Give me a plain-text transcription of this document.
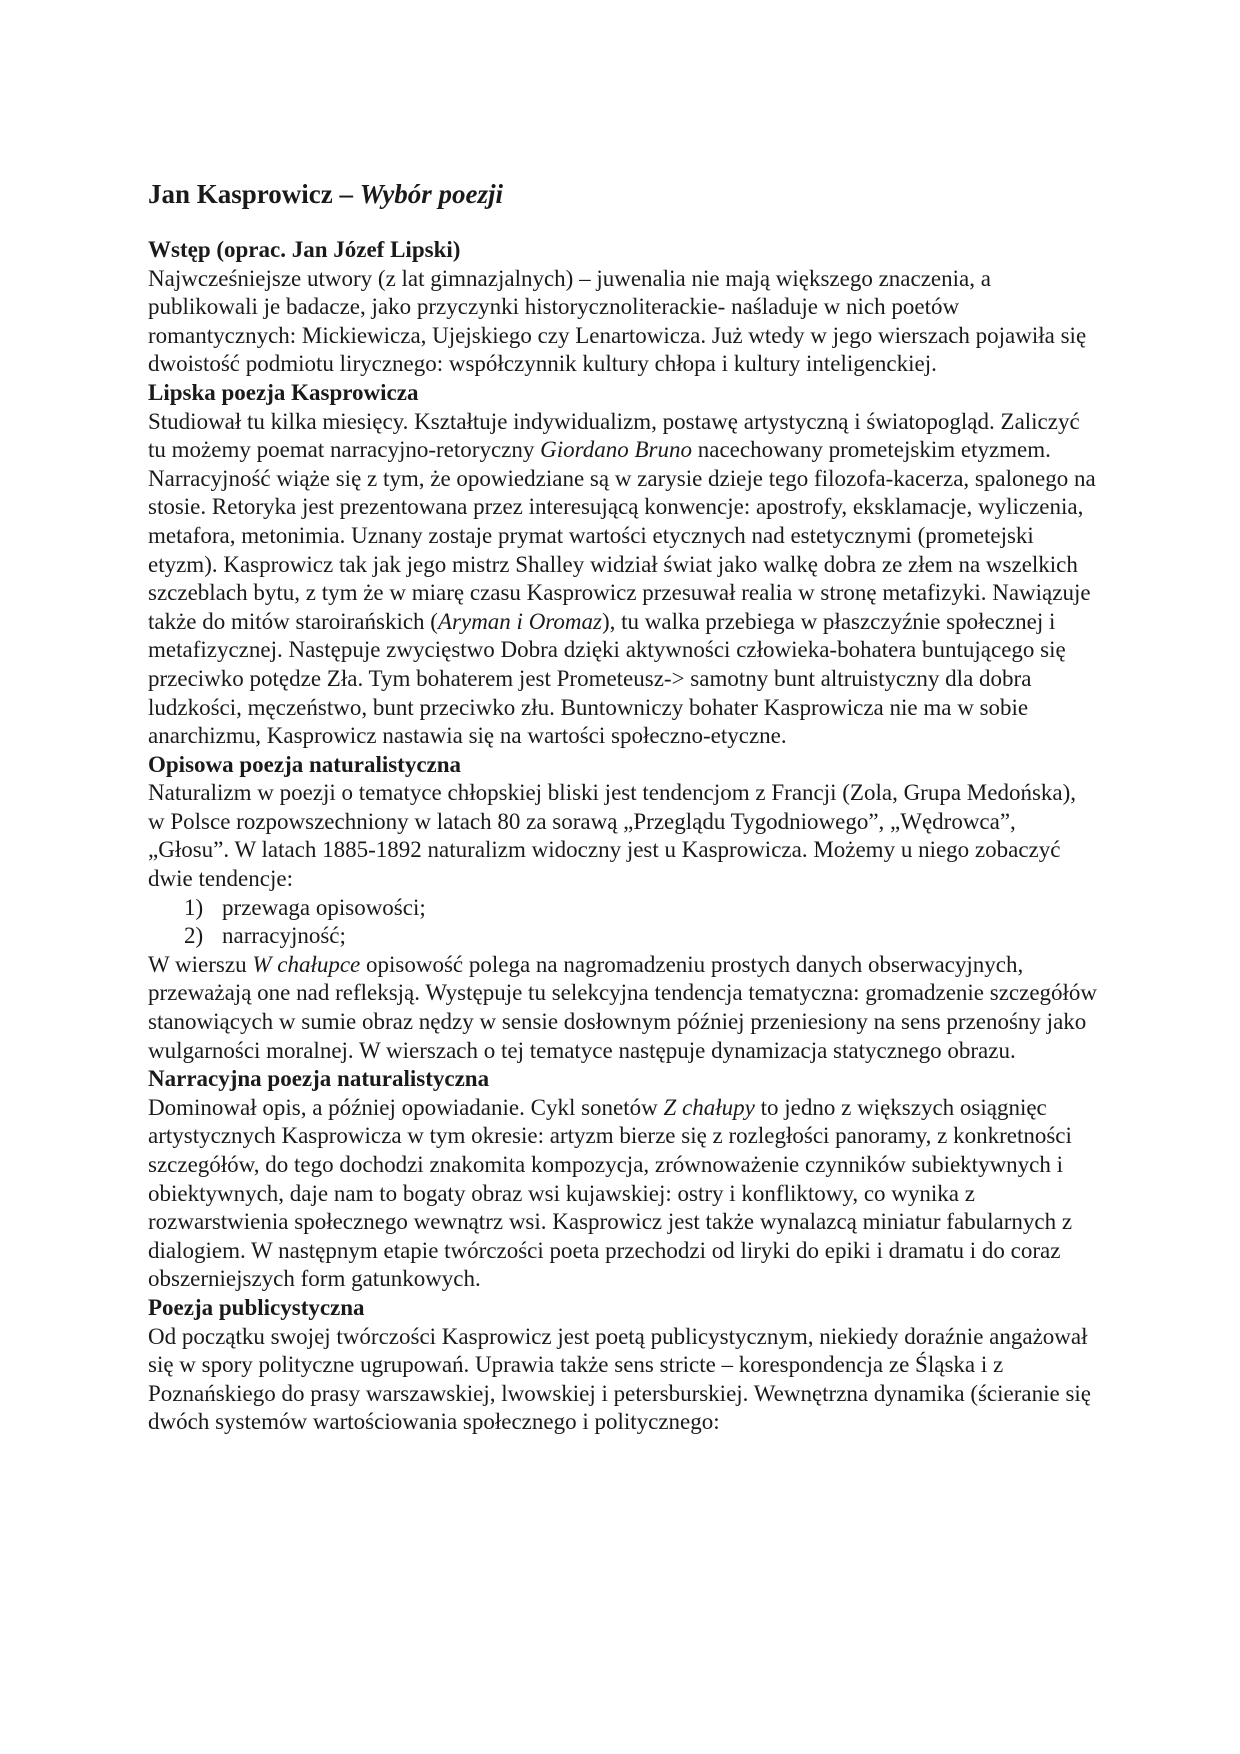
Jan Kasprowicz – Wybór poezji

Wstęp (oprac. Jan Józef Lipski)

Najwcześniejsze utwory (z lat gimnazjalnych) – juwenalia nie mają większego znaczenia, a publikowali je badacze, jako przyczynki historycznoliterackie- naśladuje w nich poetów romantycznych: Mickiewicza, Ujejskiego czy Lenartowicza. Już wtedy w jego wierszach pojawiła się dwoistość podmiotu lirycznego: współczynnik kultury chłopa i kultury inteligenckiej.

Lipska poezja Kasprowicza

Studiował tu kilka miesięcy. Kształtuje indywidualizm, postawę artystyczną i światopogląd. Zaliczyć tu możemy poemat narracyjno-retoryczny Giordano Bruno nacechowany prometejskim etyzmem. Narracyjność wiąże się z tym, że opowiedziane są w zarysie dzieje tego filozofa-kacerza, spalonego na stosie. Retoryka jest prezentowana przez interesującą konwencje: apostrofy, eksklamacje, wyliczenia, metafora, metonimia. Uznany zostaje prymat wartości etycznych nad estetycznymi (prometejski etyzm). Kasprowicz tak jak jego mistrz Shalley widział świat jako walkę dobra ze złem na wszelkich szczeblach bytu, z tym że w miarę czasu Kasprowicz przesuwał realia w stronę metafizyki. Nawiązuje także do mitów staroirańskich (Aryman i Oromaz), tu walka przebiega w płaszczyźnie społecznej i metafizycznej. Następuje zwycięstwo Dobra dzięki aktywności człowieka-bohatera buntującego się przeciwko potędze Zła. Tym bohaterem jest Prometeusz-> samotny bunt altruistyczny dla dobra ludzkości, męczeństwo, bunt przeciwko złu. Buntowniczy bohater Kasprowicza nie ma w sobie anarchizmu, Kasprowicz nastawia się na wartości społeczno-etyczne.

Opisowa poezja naturalistyczna

Naturalizm w poezji o tematyce chłopskiej bliski jest tendencjom z Francji (Zola, Grupa Medońska), w Polsce rozpowszechniony w latach 80 za sorawą „Przeglądu Tygodniowego”, „Wędrowca”, „Głosu”. W latach 1885-1892 naturalizm widoczny jest u Kasprowicza. Możemy u niego zobaczyć dwie tendencje:

1) przewaga opisowości;
2) narracyjność;

W wierszu W chałupce opisowość polega na nagromadzeniu prostych danych obserwacyjnych, przeważają one nad refleksją. Występuje tu selekcyjna tendencja tematyczna: gromadzenie szczegółów stanowiących w sumie obraz nędzy w sensie dosłownym później przeniesiony na sens przenośny jako wulgarności moralnej. W wierszach o tej tematyce następuje dynamizacja statycznego obrazu.

Narracyjna poezja naturalistyczna

Dominował opis, a później opowiadanie. Cykl sonetów Z chałupy to jedno z większych osiągnięc artystycznych Kasprowicza w tym okresie: artyzm bierze się z rozległości panoramy, z konkretności szczegółów, do tego dochodzi znakomita kompozycja, zrównoważenie czynników subiektywnych i obiektywnych, daje nam to bogaty obraz wsi kujawskiej: ostry i konfliktowy, co wynika z rozwarstwienia społecznego wewnątrz wsi. Kasprowicz jest także wynalazcą miniatur fabularnych z dialogiem. W następnym etapie twórczości poeta przechodzi od liryki do epiki i dramatu i do coraz obszerniejszych form gatunkowych.

Poezja publicystyczna

Od początku swojej twórczości Kasprowicz jest poetą publicystycznym, niekiedy doraźnie angażował się w spory polityczne ugrupowań. Uprawia także sens stricte – korespondencja ze Śląska i z Poznańskiego do prasy warszawskiej, lwowskiej i petersburskiej. Wewnętrzna dynamika (ścieranie się dwóch systemów wartościowania społecznego i politycznego:
